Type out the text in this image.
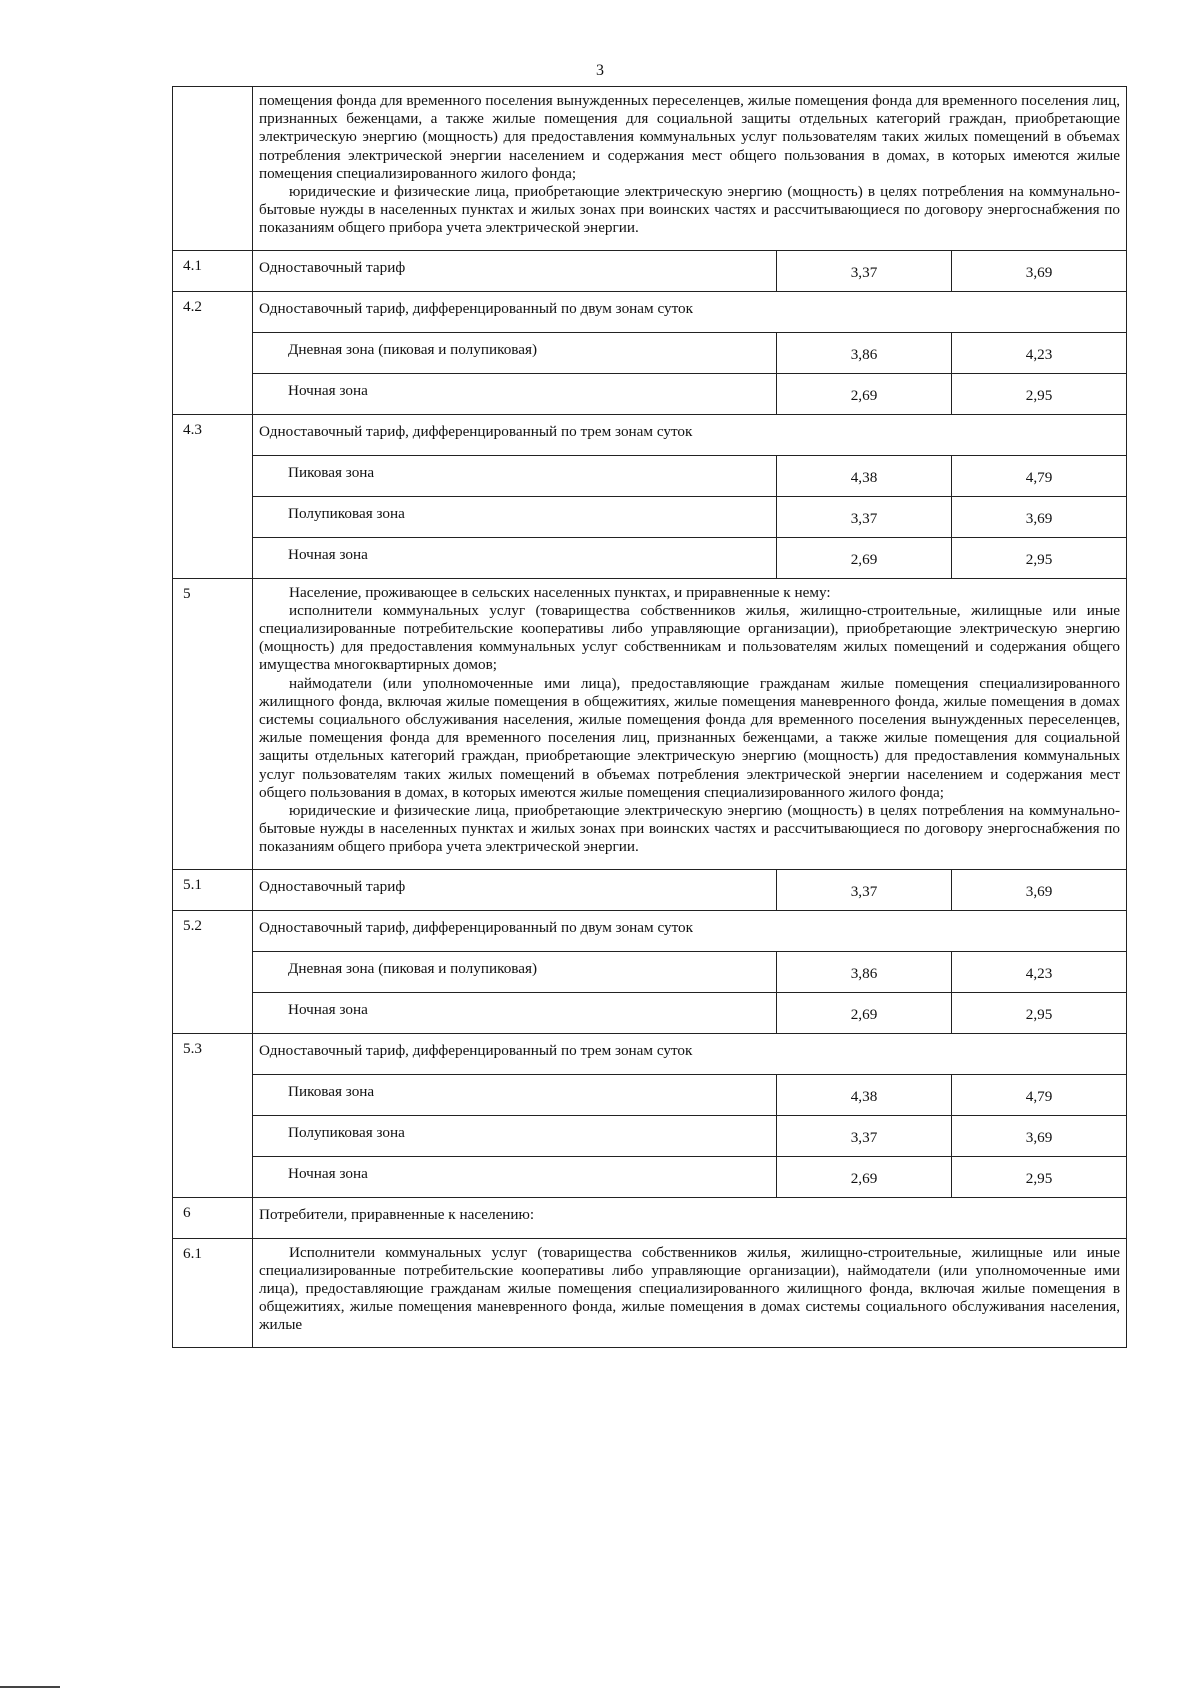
3

	помещения фонда для временного поселения вынужденных переселенцев, жилые помещения фонда для временного поселения лиц, признанных беженцами, а также жилые помещения для социальной защиты отдельных категорий граждан, приобретающие электрическую энергию (мощность) для предоставления коммунальных услуг пользователям таких жилых помещений в объемах потребления электрической энергии населением и содержания мест общего пользования в домах, в которых имеются жилые помещения специализированного жилого фонда;

юридические и физические лица, приобретающие электрическую энергию (мощность) в целях потребления на коммунально-бытовые нужды в населенных пунктах и жилых зонах при воинских частях и рассчитывающиеся по договору энергоснабжения по показаниям общего прибора учета электрической энергии.		

4.1	Одноставочный тариф	3,37	3,69
4.2	Одноставочный тариф, дифференцированный по двум зонам суток		
	Дневная зона (пиковая и полупиковая)	3,86	4,23
	Ночная зона	2,69	2,95
4.3	Одноставочный тариф, дифференцированный по трем зонам суток		
	Пиковая зона	4,38	4,79
	Полупиковая зона	3,37	3,69
	Ночная зона	2,69	2,95
5	Население, проживающее в сельских населенных пунктах, и приравненные к нему:

исполнители коммунальных услуг (товарищества собственников жилья, жилищно-строительные, жилищные или иные специализированные потребительские кооперативы либо управляющие организации), приобретающие электрическую энергию (мощность) для предоставления коммунальных услуг собственникам и пользователям жилых помещений и содержания общего имущества многоквартирных домов;

наймодатели (или уполномоченные ими лица), предоставляющие гражданам жилые помещения специализированного жилищного фонда, включая жилые помещения в общежитиях, жилые помещения маневренного фонда, жилые помещения в домах системы социального обслуживания населения, жилые помещения фонда для временного поселения вынужденных переселенцев, жилые помещения фонда для временного поселения лиц, признанных беженцами, а также жилые помещения для социальной защиты отдельных категорий граждан, приобретающие электрическую энергию (мощность) для предоставления коммунальных услуг пользователям таких жилых помещений в объемах потребления электрической энергии населением и содержания мест общего пользования в домах, в которых имеются жилые помещения специализированного жилого фонда;

юридические и физические лица, приобретающие электрическую энергию (мощность) в целях потребления на коммунально-бытовые нужды в населенных пунктах и жилых зонах при воинских частях и рассчитывающиеся по договору энергоснабжения по показаниям общего прибора учета электрической энергии.		

5.1	Одноставочный тариф	3,37	3,69
5.2	Одноставочный тариф, дифференцированный по двум зонам суток		
	Дневная зона (пиковая и полупиковая)	3,86	4,23
	Ночная зона	2,69	2,95
5.3	Одноставочный тариф, дифференцированный по трем зонам суток		
	Пиковая зона	4,38	4,79
	Полупиковая зона	3,37	3,69
	Ночная зона	2,69	2,95
6	Потребители, приравненные к населению:		
6.1	Исполнители коммунальных услуг (товарищества собственников жилья, жилищно-строительные, жилищные или иные специализированные потребительские кооперативы либо управляющие организации), наймодатели (или уполномоченные ими лица), предоставляющие гражданам жилые помещения специализированного жилищного фонда, включая жилые помещения в общежитиях, жилые помещения маневренного фонда, жилые помещения в домах системы социального обслуживания населения, жилые		
